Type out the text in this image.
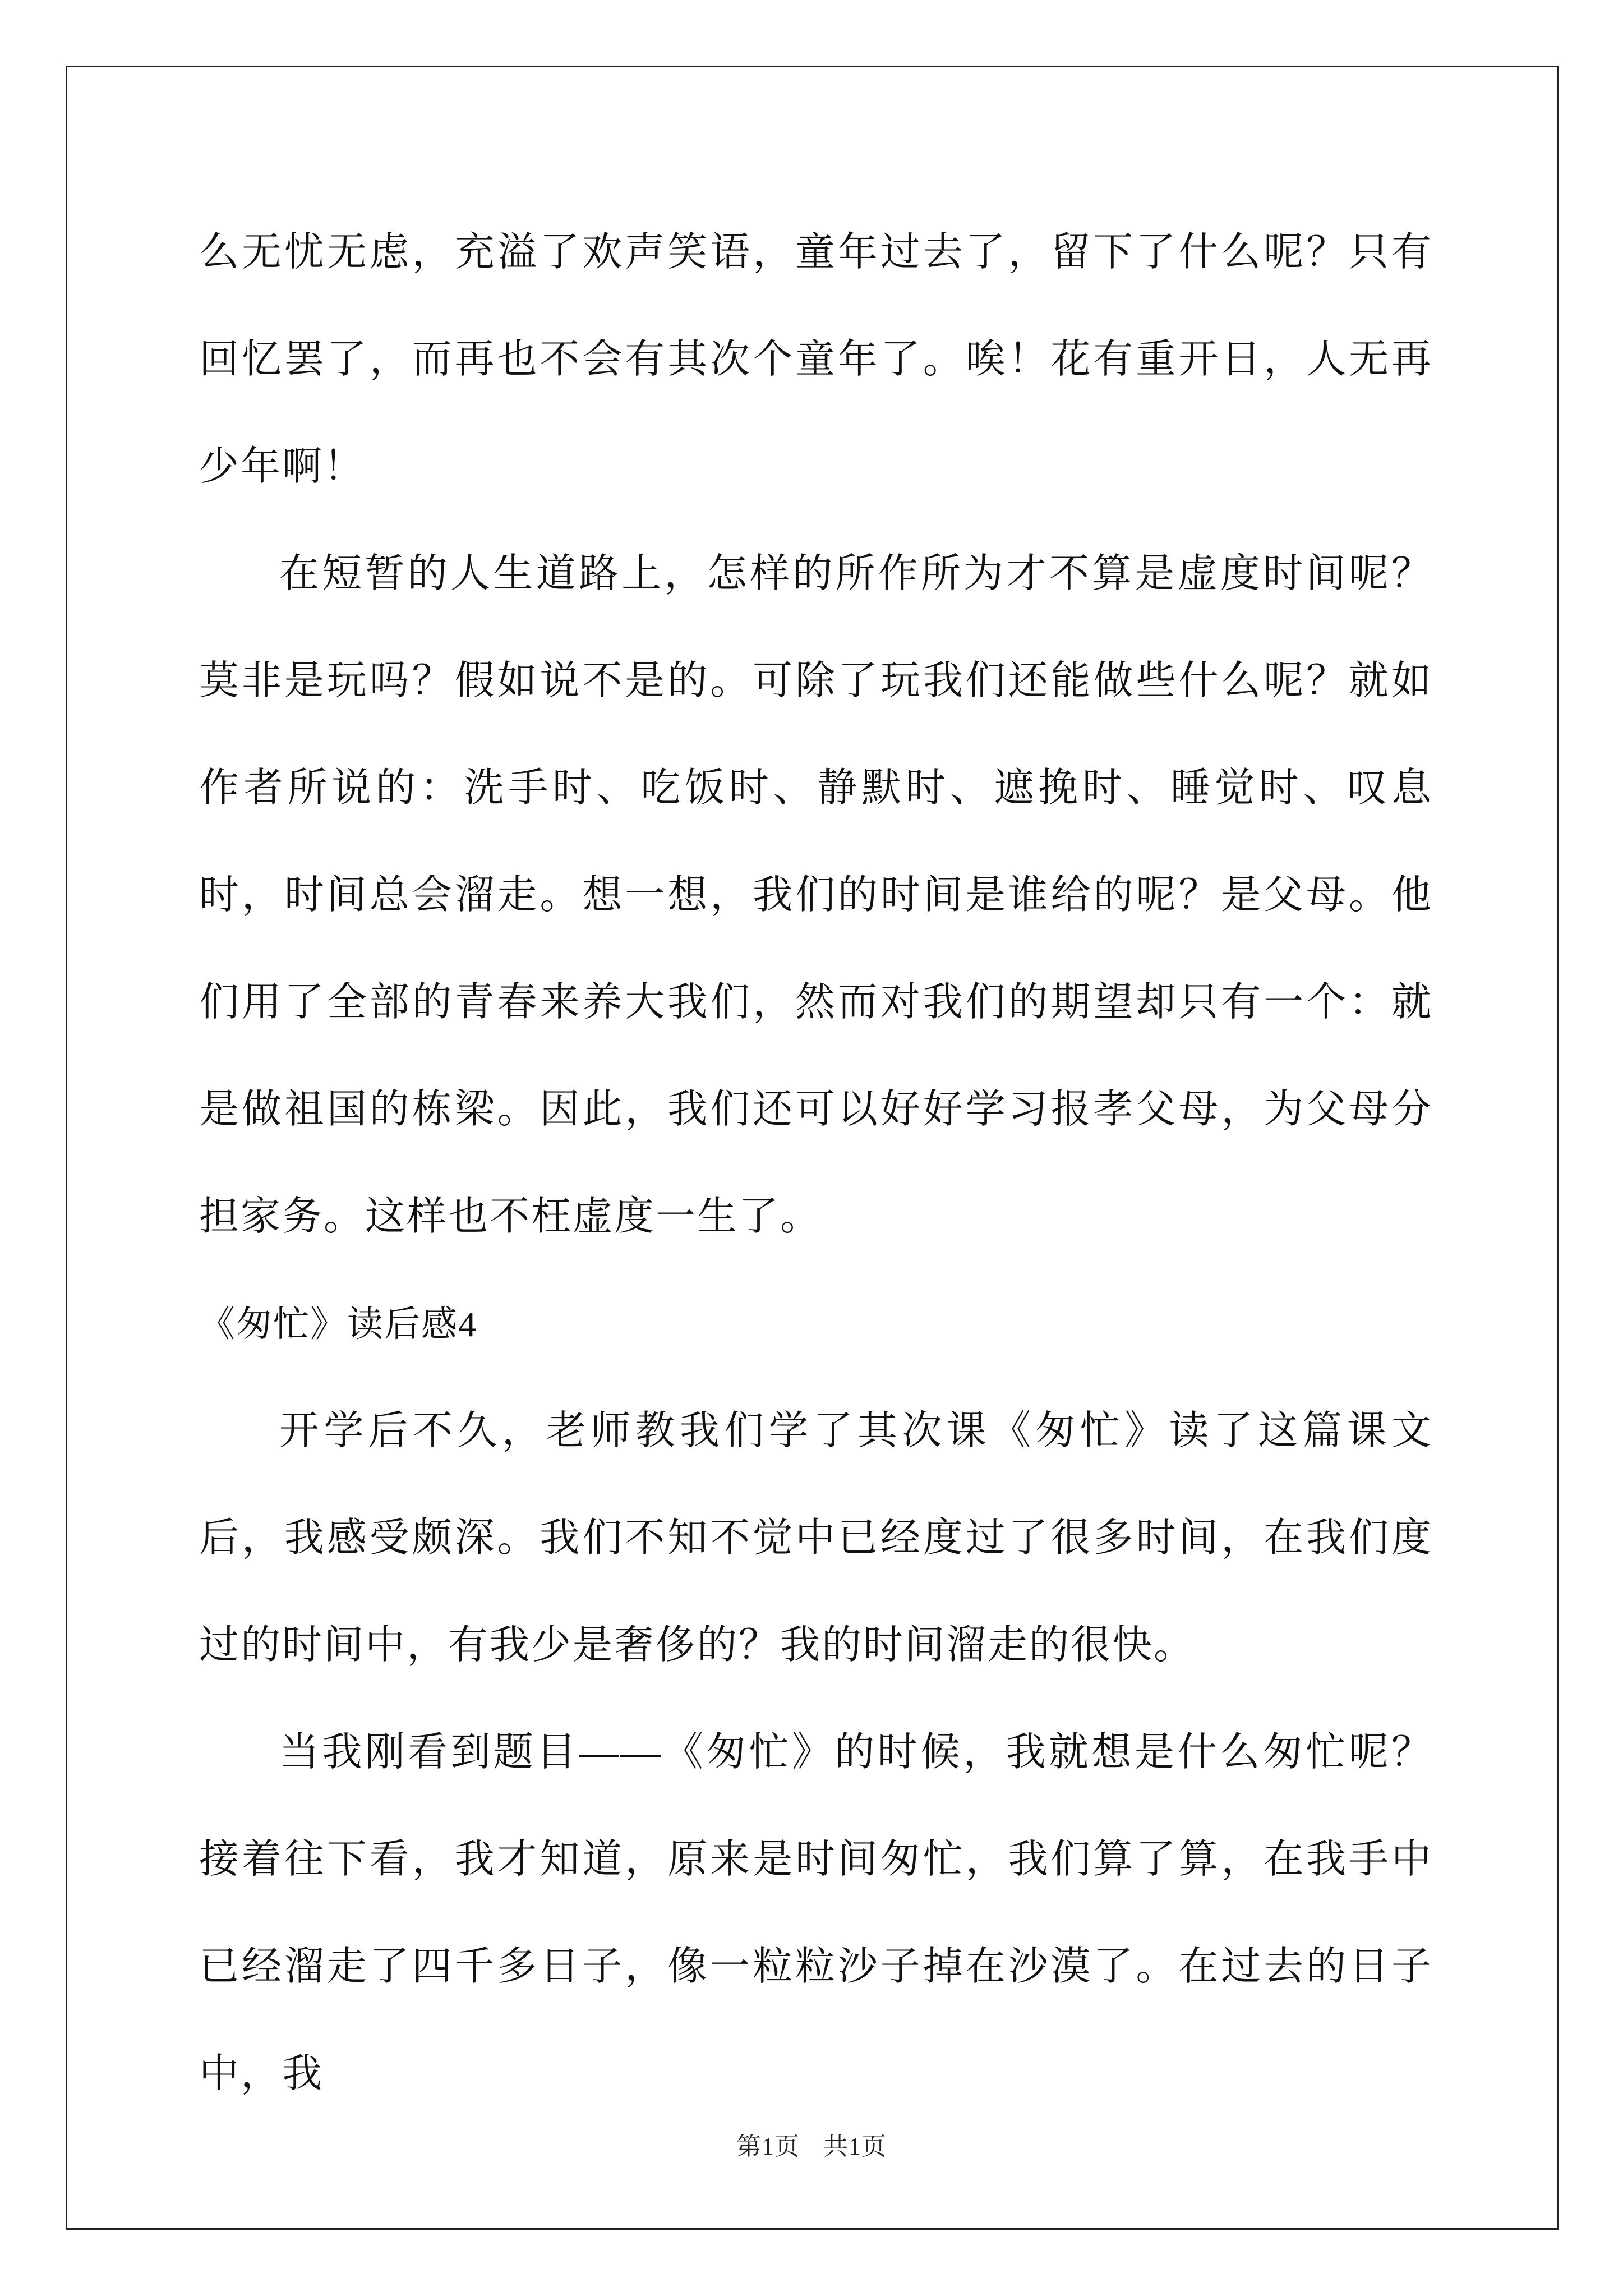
么无忧无虑，充溢了欢声笑语，童年过去了，留下了什么呢？只有回忆罢了，而再也不会有其次个童年了。唉！花有重开日，人无再少年啊！

在短暂的人生道路上，怎样的所作所为才不算是虚度时间呢？莫非是玩吗？假如说不是的。可除了玩我们还能做些什么呢？就如作者所说的：洗手时、吃饭时、静默时、遮挽时、睡觉时、叹息时，时间总会溜走。想一想，我们的时间是谁给的呢？是父母。他们用了全部的青春来养大我们，然而对我们的期望却只有一个：就是做祖国的栋梁。因此，我们还可以好好学习报孝父母，为父母分担家务。这样也不枉虚度一生了。

《匆忙》读后感4

开学后不久，老师教我们学了其次课《匆忙》读了这篇课文后，我感受颇深。我们不知不觉中已经度过了很多时间，在我们度过的时间中，有我少是奢侈的？我的时间溜走的很快。

当我刚看到题目——《匆忙》的时候，我就想是什么匆忙呢？接着往下看，我才知道，原来是时间匆忙，我们算了算，在我手中已经溜走了四千多日子，像一粒粒沙子掉在沙漠了。在过去的日子中，我

第1页 共1页
